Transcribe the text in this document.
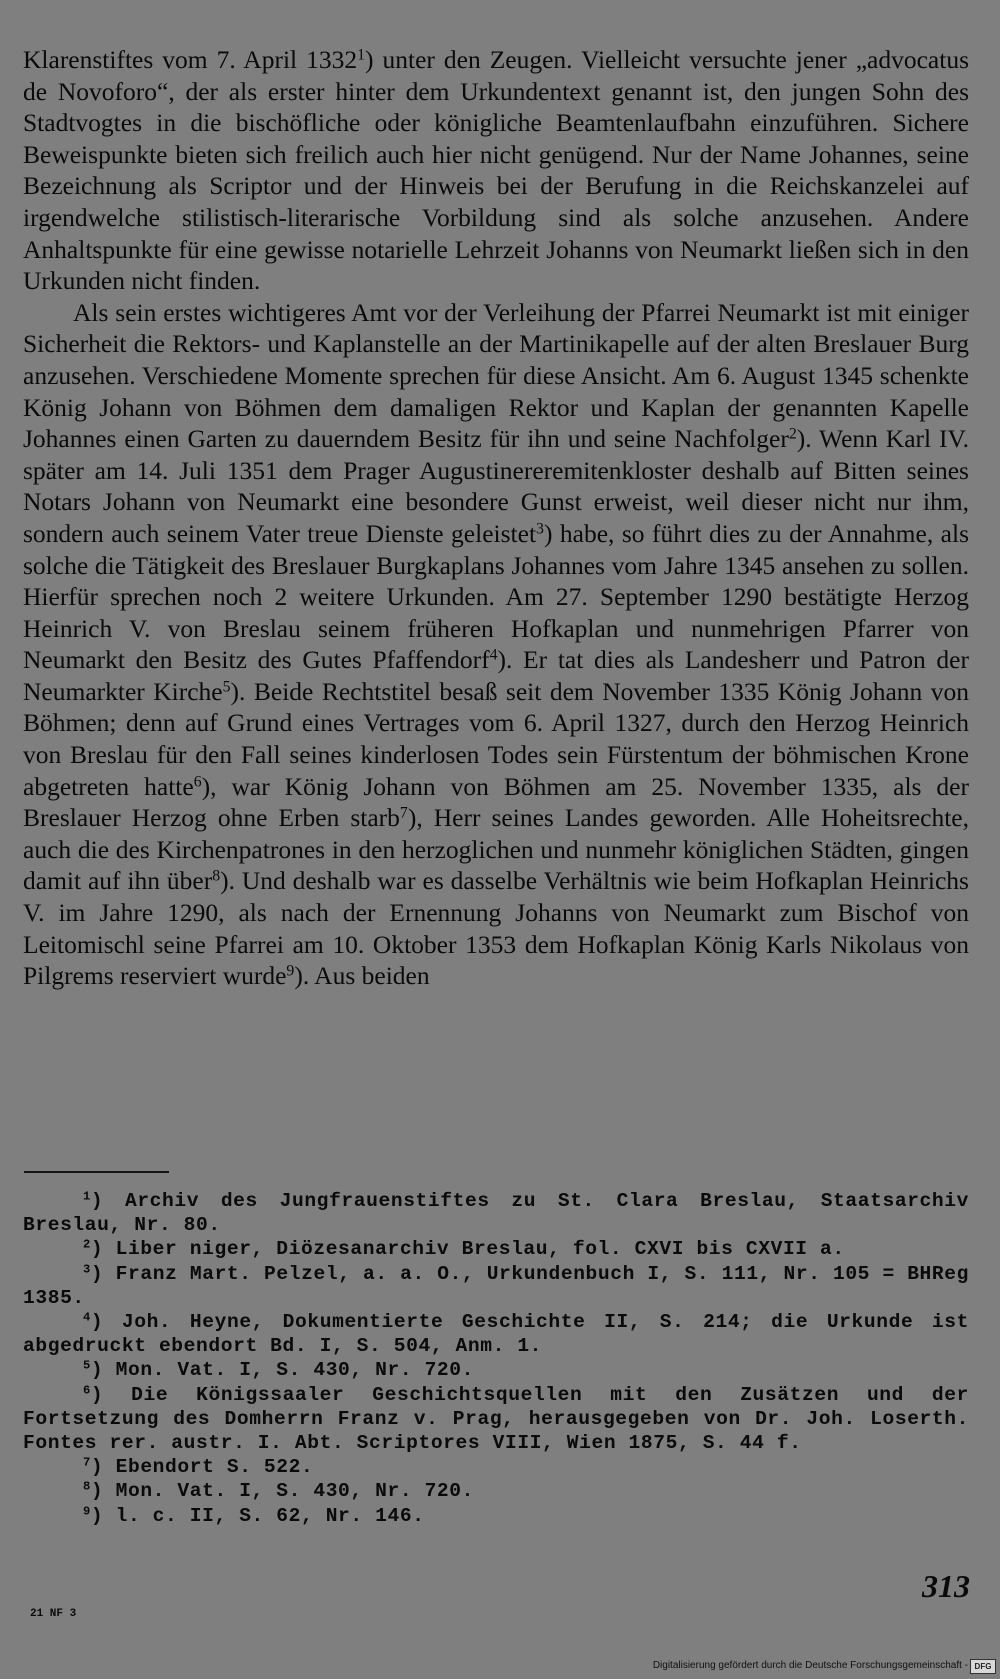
Klarenstiftes vom 7. April 1332$^1$) unter den Zeugen. Vielleicht versuchte jener „advocatus de Novoforo“, der als erster hinter dem Urkundentext genannt ist, den jungen Sohn des Stadtvogtes in die bischöfliche oder königliche Beamtenlaufbahn einzuführen. Sichere Beweispunkte bieten sich freilich auch hier nicht genügend. Nur der Name Johannes, seine Bezeichnung als Scriptor und der Hinweis bei der Berufung in die Reichskanzelei auf irgendwelche stilistisch-literarische Vorbildung sind als solche anzusehen. Andere Anhaltspunkte für eine gewisse notarielle Lehrzeit Johanns von Neumarkt ließen sich in den Urkunden nicht finden.

Als sein erstes wichtigeres Amt vor der Verleihung der Pfarrei Neumarkt ist mit einiger Sicherheit die Rektors- und Kaplanstelle an der Martinikapelle auf der alten Breslauer Burg anzusehen. Verschiedene Momente sprechen für diese Ansicht. Am 6. August 1345 schenkte König Johann von Böhmen dem damaligen Rektor und Kaplan der genannten Kapelle Johannes einen Garten zu dauerndem Besitz für ihn und seine Nachfolger$^2$). Wenn Karl IV. später am 14. Juli 1351 dem Prager Augustinereremitenkloster deshalb auf Bitten seines Notars Johann von Neumarkt eine besondere Gunst erweist, weil dieser nicht nur ihm, sondern auch seinem Vater treue Dienste geleistet$^3$) habe, so führt dies zu der Annahme, als solche die Tätigkeit des Breslauer Burgkaplans Johannes vom Jahre 1345 ansehen zu sollen. Hierfür sprechen noch 2 weitere Urkunden. Am 27. September 1290 bestätigte Herzog Heinrich V. von Breslau seinem früheren Hofkaplan und nunmehrigen Pfarrer von Neumarkt den Besitz des Gutes Pfaffendorf$^4$). Er tat dies als Landesherr und Patron der Neumarkter Kirche$^5$). Beide Rechtstitel besaß seit dem November 1335 König Johann von Böhmen; denn auf Grund eines Vertrages vom 6. April 1327, durch den Herzog Heinrich von Breslau für den Fall seines kinderlosen Todes sein Fürstentum der böhmischen Krone abgetreten hatte$^6$), war König Johann von Böhmen am 25. November 1335, als der Breslauer Herzog ohne Erben starb$^7$), Herr seines Landes geworden. Alle Hoheitsrechte, auch die des Kirchenpatrones in den herzoglichen und nunmehr königlichen Städten, gingen damit auf ihn über$^8$). Und deshalb war es dasselbe Verhältnis wie beim Hofkaplan Heinrichs V. im Jahre 1290, als nach der Ernennung Johanns von Neumarkt zum Bischof von Leitomischl seine Pfarrei am 10. Oktober 1353 dem Hofkaplan König Karls Nikolaus von Pilgrems reserviert wurde$^9$). Aus beiden

$^1$) Archiv des Jungfrauenstiftes zu St. Clara Breslau, Staatsarchiv Breslau, Nr. 80.

$^2$) Liber niger, Diözesanarchiv Breslau, fol. CXVI bis CXVII a.

$^3$) Franz Mart. Pelzel, a. a. O., Urkundenbuch I, S. 111, Nr. 105 = BHReg 1385.

$^4$) Joh. Heyne, Dokumentierte Geschichte II, S. 214; die Urkunde ist abgedruckt ebendort Bd. I, S. 504, Anm. 1.

$^5$) Mon. Vat. I, S. 430, Nr. 720.

$^6$) Die Königssaaler Geschichtsquellen mit den Zusätzen und der Fortsetzung des Domherrn Franz v. Prag, herausgegeben von Dr. Joh. Loserth. Fontes rer. austr. I. Abt. Scriptores VIII, Wien 1875, S. 44 f.

$^7$) Ebendort S. 522.

$^8$) Mon. Vat. I, S. 430, Nr. 720.

$^9$) l. c. II, S. 62, Nr. 146.

313
21 NF 3
Digitalisierung gefördert durch die Deutsche Forschungsgemeinschaft - DFG
